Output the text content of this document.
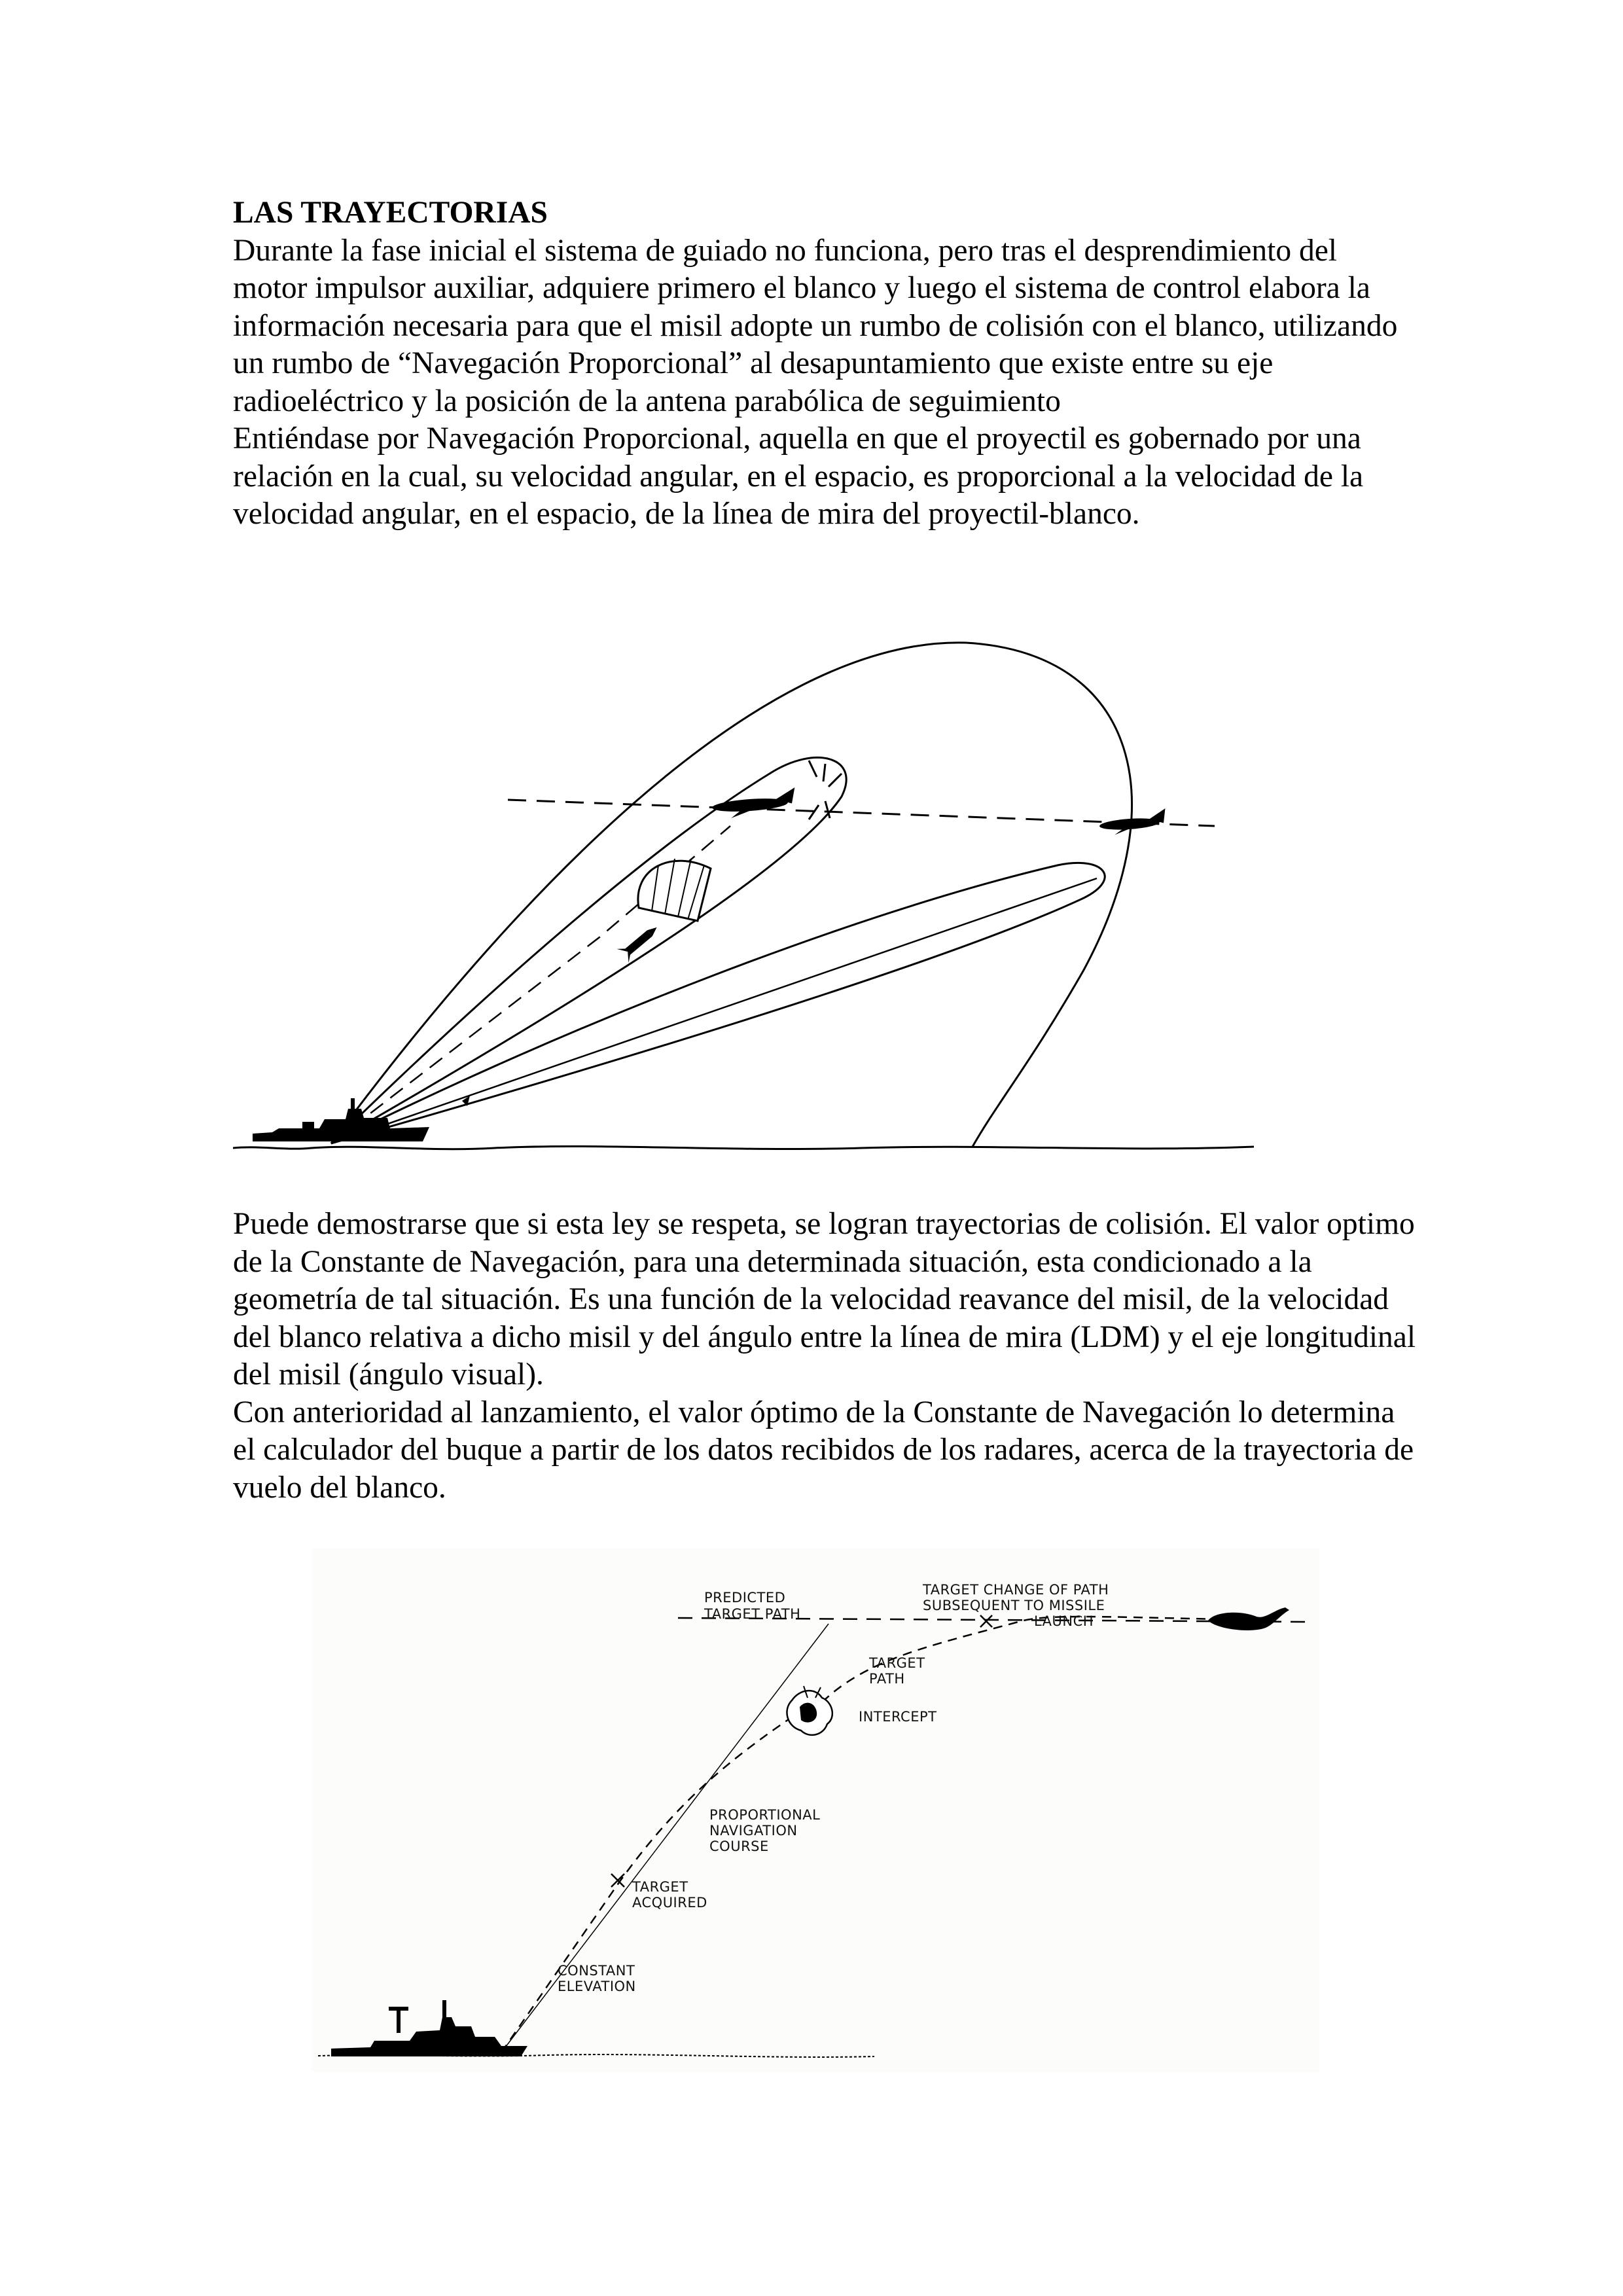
LAS TRAYECTORIAS

Durante la fase inicial el sistema de guiado no funciona, pero tras el desprendimiento del motor impulsor auxiliar, adquiere primero el blanco y luego el sistema de control elabora la información necesaria para que el misil adopte un rumbo de colisión con el blanco, utilizando un rumbo de “Navegación Proporcional” al desapuntamiento que existe entre su eje radioeléctrico y la posición de la antena parabólica de seguimiento

Entiéndase por Navegación Proporcional, aquella en que el proyectil es gobernado por una relación en la cual, su velocidad angular, en el espacio, es proporcional a la velocidad de la velocidad angular, en el espacio, de la línea de mira del proyectil-blanco.

Puede demostrarse que si esta ley se respeta, se logran trayectorias de colisión. El valor optimo de la Constante de Navegación, para una determinada situación, esta condicionado a la geometría de tal situación. Es una función de la velocidad reavance del misil, de la velocidad del blanco relativa a dicho misil y del ángulo entre la línea de mira (LDM) y el eje longitudinal del misil (ángulo visual).

Con anterioridad al lanzamiento, el valor óptimo de la Constante de Navegación lo determina el calculador del buque a partir de los datos recibidos de los radares, acerca de la trayectoria de vuelo del blanco.

PREDICTED
TARGET PATH
TARGET CHANGE OF PATH
SUBSEQUENT TO MISSILE
LAUNCH
TARGET
PATH
INTERCEPT
PROPORTIONAL
NAVIGATION
COURSE
TARGET
ACQUIRED
CONSTANT
ELEVATION
